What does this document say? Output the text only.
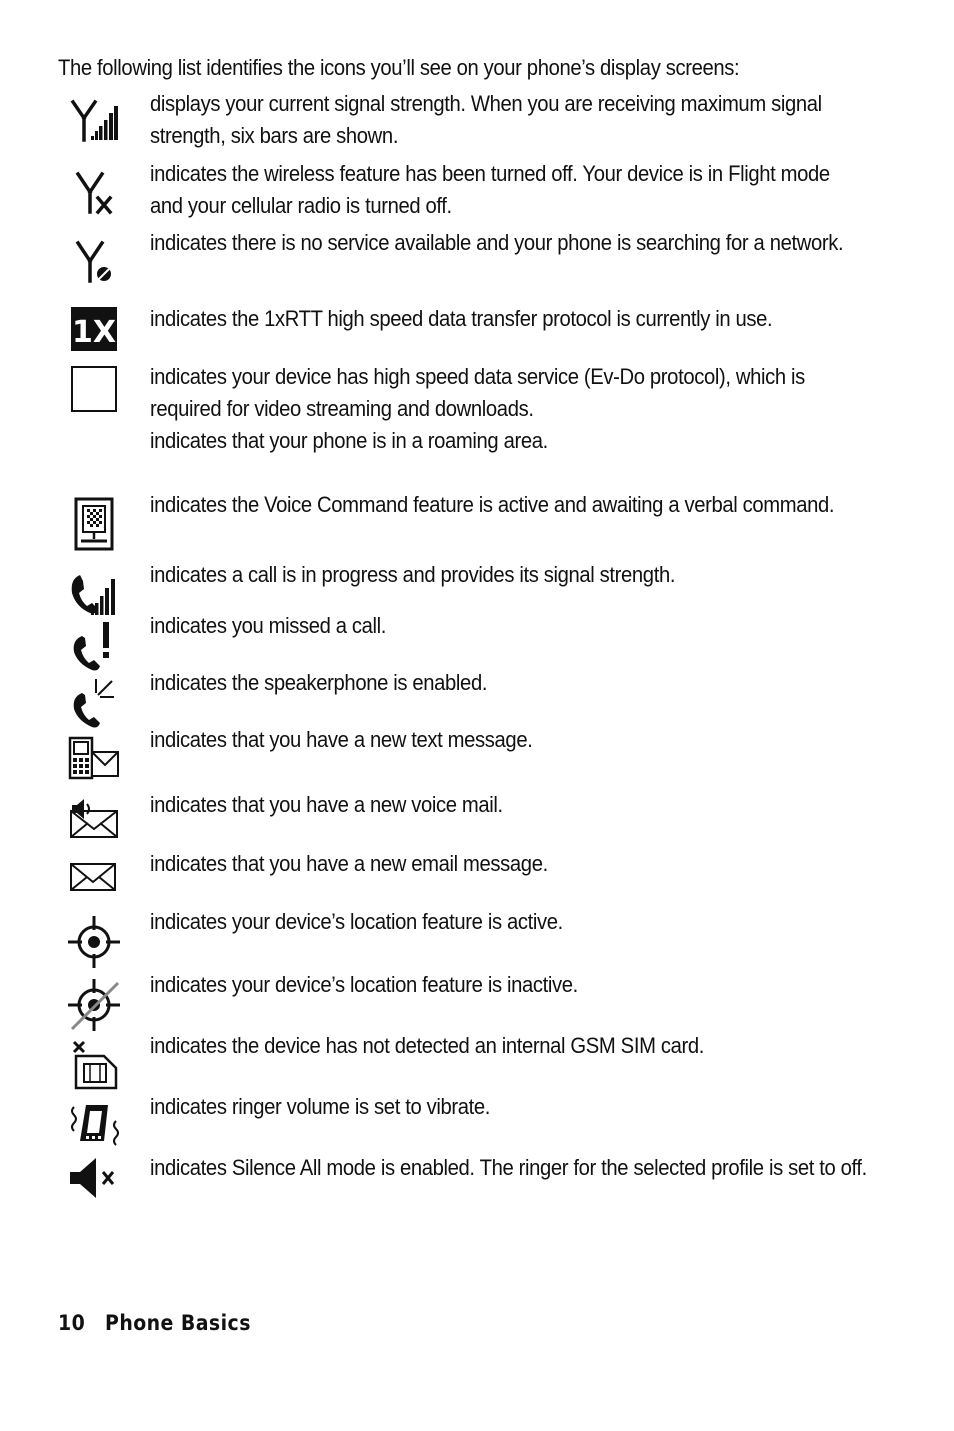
The following list identifies the icons you’ll see on your phone’s display screens:
displays your current signal strength. When you are receiving maximum signal strength, six bars are shown.
indicates the wireless feature has been turned off. Your device is in Flight mode and your cellular radio is turned off.
indicates there is no service available and your phone is searching for a network.
1X indicates the 1xRTT high speed data transfer protocol is currently in use.
indicates your device has high speed data service (Ev-Do protocol), which is required for video streaming and downloads.
indicates that your phone is in a roaming area.
indicates the Voice Command feature is active and awaiting a verbal command.
indicates a call is in progress and provides its signal strength.
indicates you missed a call.
indicates the speakerphone is enabled.
indicates that you have a new text message.
indicates that you have a new voice mail.
indicates that you have a new email message.
indicates your device’s location feature is active.
indicates your device’s location feature is inactive.
indicates the device has not detected an internal GSM SIM card.
indicates ringer volume is set to vibrate.
indicates Silence All mode is enabled. The ringer for the selected profile is set to off.
10 Phone Basics
